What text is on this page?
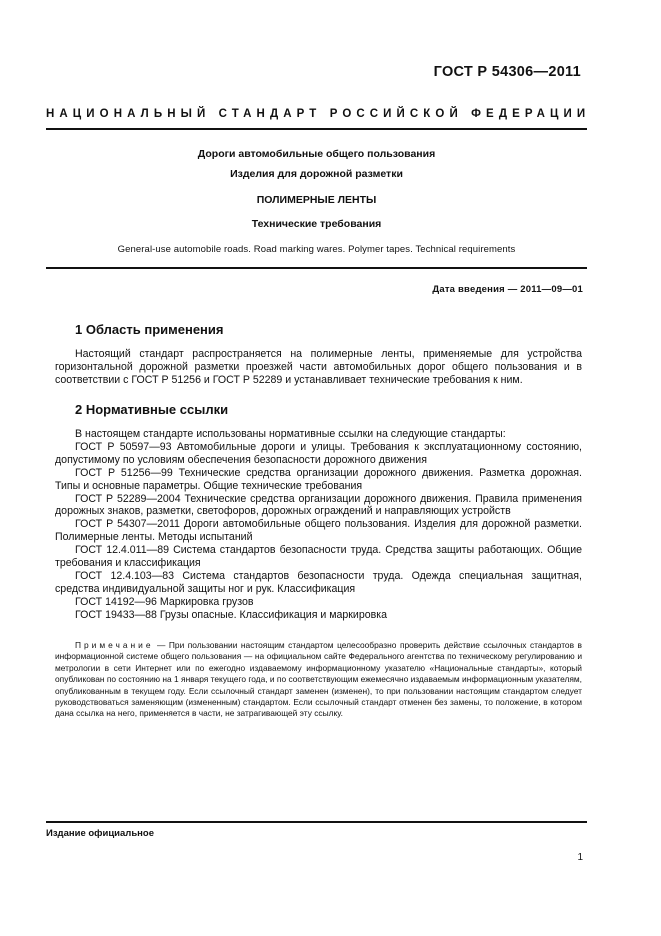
ГОСТ Р 54306—2011
НАЦИОНАЛЬНЫЙ СТАНДАРТ РОССИЙСКОЙ ФЕДЕРАЦИИ
Дороги автомобильные общего пользования
Изделия для дорожной разметки
ПОЛИМЕРНЫЕ ЛЕНТЫ
Технические требования
General-use automobile roads. Road marking wares. Polymer tapes. Technical requirements
Дата введения — 2011—09—01
1 Область применения

Настоящий стандарт распространяется на полимерные ленты, применяемые для устройства горизонтальной дорожной разметки проезжей части автомобильных дорог общего пользования и в соответствии с ГОСТ Р 51256 и ГОСТ Р 52289 и устанавливает технические требования к ним.

2 Нормативные ссылки

В настоящем стандарте использованы нормативные ссылки на следующие стандарты:

ГОСТ Р 50597—93 Автомобильные дороги и улицы. Требования к эксплуатационному состоянию, допустимому по условиям обеспечения безопасности дорожного движения

ГОСТ Р 51256—99 Технические средства организации дорожного движения. Разметка дорожная. Типы и основные параметры. Общие технические требования

ГОСТ Р 52289—2004 Технические средства организации дорожного движения. Правила применения дорожных знаков, разметки, светофоров, дорожных ограждений и направляющих устройств

ГОСТ Р 54307—2011 Дороги автомобильные общего пользования. Изделия для дорожной разметки. Полимерные ленты. Методы испытаний

ГОСТ 12.4.011—89 Система стандартов безопасности труда. Средства защиты работающих. Общие требования и классификация

ГОСТ 12.4.103—83 Система стандартов безопасности труда. Одежда специальная защитная, средства индивидуальной защиты ног и рук. Классификация

ГОСТ 14192—96 Маркировка грузов

ГОСТ 19433—88 Грузы опасные. Классификация и маркировка

Примечание — При пользовании настоящим стандартом целесообразно проверить действие ссылочных стандартов в информационной системе общего пользования — на официальном сайте Федерального агентства по техническому регулированию и метрологии в сети Интернет или по ежегодно издаваемому информационному указателю «Национальные стандарты», который опубликован по состоянию на 1 января текущего года, и по соответствующим ежемесячно издаваемым информационным указателям, опубликованным в текущем году. Если ссылочный стандарт заменен (изменен), то при пользовании настоящим стандартом следует руководствоваться заменяющим (измененным) стандартом. Если ссылочный стандарт отменен без замены, то положение, в котором дана ссылка на него, применяется в части, не затрагивающей эту ссылку.

Издание официальное
1
